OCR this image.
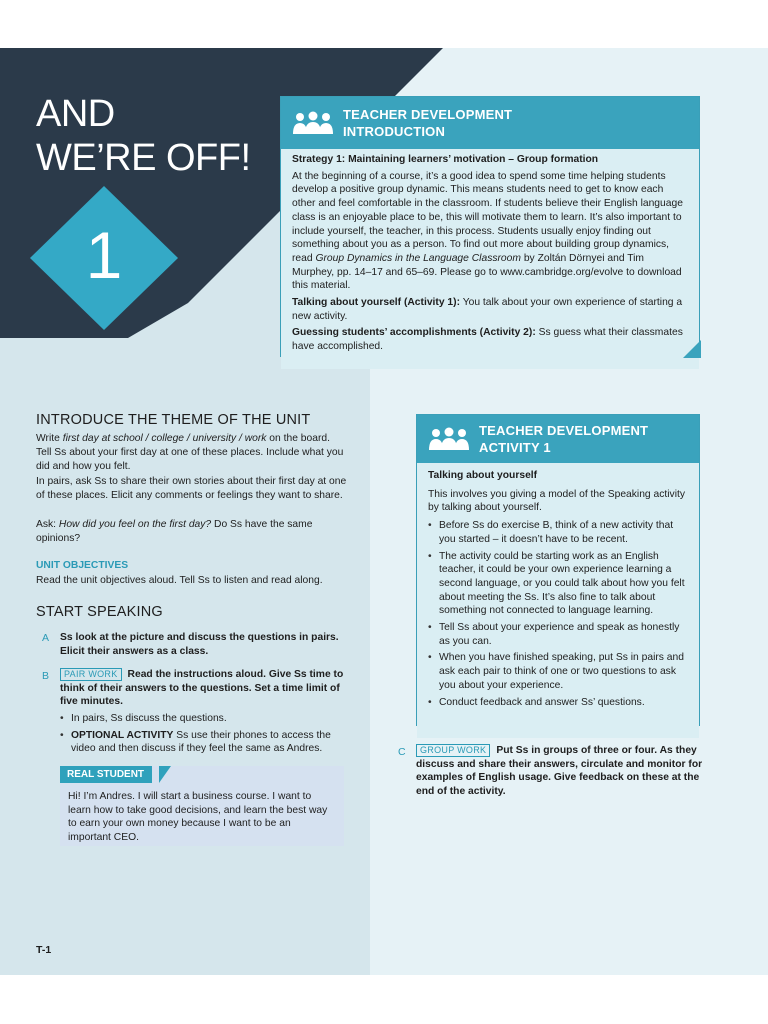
AND
WE’RE OFF!
1
TEACHER DEVELOPMENT
INTRODUCTION

Strategy 1: Maintaining learners’ motivation – Group formation

At the beginning of a course, it’s a good idea to spend some time helping students develop a positive group dynamic. This means students need to get to know each other and feel comfortable in the classroom. If students believe their English language class is an enjoyable place to be, this will motivate them to learn. It’s also important to include yourself, the teacher, in this process. Students usually enjoy finding out something about you as a person. To find out more about building group dynamics, read Group Dynamics in the Language Classroom by Zoltán Dörnyei and Tim Murphey, pp. 14–17 and 65–69. Please go to www.cambridge.org/evolve to download this material.

Talking about yourself (Activity 1): You talk about your own experience of starting a new activity.

Guessing students’ accomplishments (Activity 2): Ss guess what their classmates have accomplished.

INTRODUCE THE THEME OF THE UNIT

Write first day at school / college / university / work on the board. Tell Ss about your first day at one of these places. Include what you did and how you felt.

In pairs, ask Ss to share their own stories about their first day at one of these places. Elicit any comments or feelings they want to share.

Ask: How did you feel on the first day? Do Ss have the same opinions?

UNIT OBJECTIVES

Read the unit objectives aloud. Tell Ss to listen and read along.

START SPEAKING
A Ss look at the picture and discuss the questions in pairs. Elicit their answers as a class.

B	PAIR WORK Read the instructions aloud. Give Ss time to think of their answers to the questions. Set a time limit of five minutes.

• In pairs, Ss discuss the questions.
• OPTIONAL ACTIVITY Ss use their phones to access the video and then discuss if they feel the same as Andres.
REAL STUDENT

Hi! I’m Andres. I will start a business course. I want to learn how to take good decisions, and learn the best way to earn your own money because I want to be an important CEO.

TEACHER DEVELOPMENT
ACTIVITY 1

Talking about yourself

This involves you giving a model of the Speaking activity by talking about yourself.

• Before Ss do exercise B, think of a new activity that you started – it doesn’t have to be recent.
• The activity could be starting work as an English teacher, it could be your own experience learning a second language, or you could talk about how you felt about meeting the Ss. It’s also fine to talk about something not connected to language learning.
• Tell Ss about your experience and speak as honestly as you can.
• When you have finished speaking, put Ss in pairs and ask each pair to think of one or two questions to ask you about your experience.
• Conduct feedback and answer Ss’ questions.
C	GROUP WORK Put Ss in groups of three or four. As they discuss and share their answers, circulate and monitor for examples of English usage. Give feedback on these at the end of the activity.

T-1
